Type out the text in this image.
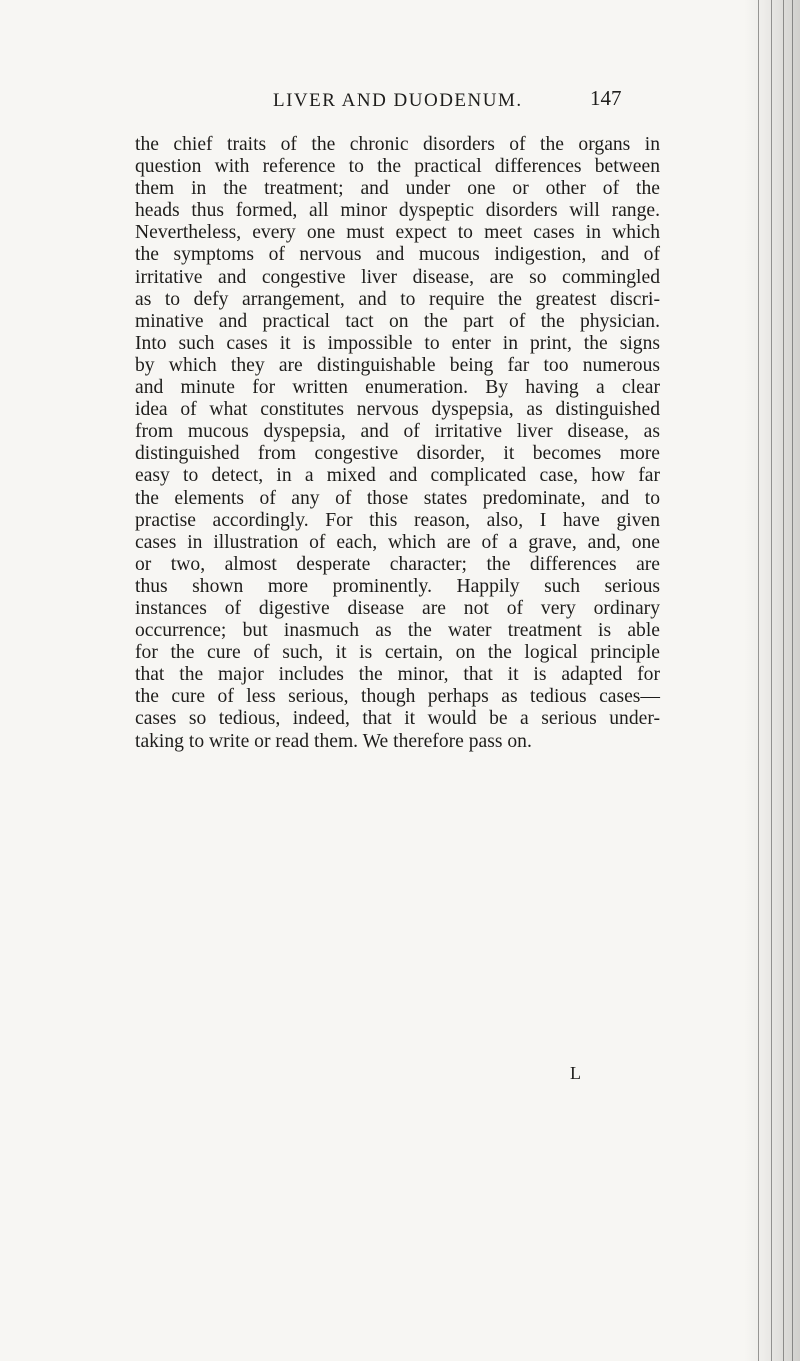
LIVER AND DUODENUM.	147
the chief traits of the chronic disorders of the organs in
question with reference to the practical differences between
them in the treatment; and under one or other of the
heads thus formed, all minor dyspeptic disorders will range.
Nevertheless, every one must expect to meet cases in which
the symptoms of nervous and mucous indigestion, and of
irritative and congestive liver disease, are so commingled
as to defy arrangement, and to require the greatest discri-
minative and practical tact on the part of the physician.
Into such cases it is impossible to enter in print, the signs
by which they are distinguishable being far too numerous
and minute for written enumeration. By having a clear
idea of what constitutes nervous dyspepsia, as distinguished
from mucous dyspepsia, and of irritative liver disease, as
distinguished from congestive disorder, it becomes more
easy to detect, in a mixed and complicated case, how far
the elements of any of those states predominate, and to
practise accordingly. For this reason, also, I have given
cases in illustration of each, which are of a grave, and, one
or two, almost desperate character; the differences are
thus shown more prominently. Happily such serious
instances of digestive disease are not of very ordinary
occurrence; but inasmuch as the water treatment is able
for the cure of such, it is certain, on the logical principle
that the major includes the minor, that it is adapted for
the cure of less serious, though perhaps as tedious cases—
cases so tedious, indeed, that it would be a serious under-
taking to write or read them. We therefore pass on.
L
